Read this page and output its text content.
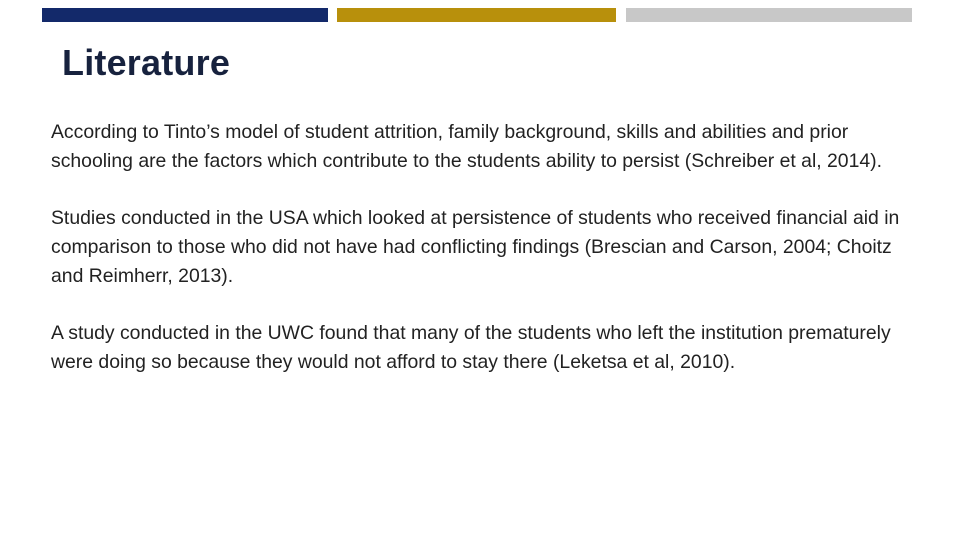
Literature

According to Tinto’s model of student attrition, family background, skills and abilities and prior schooling are the factors which contribute to the students ability to persist (Schreiber et al, 2014).

Studies conducted in the USA which looked at persistence of students who received financial aid in comparison to those who did not have had conflicting findings (Brescian and Carson, 2004; Choitz and Reimherr, 2013).

A study conducted in the UWC found that many of the students who left the institution prematurely were doing so because they would not afford to stay there (Leketsa et al, 2010).
